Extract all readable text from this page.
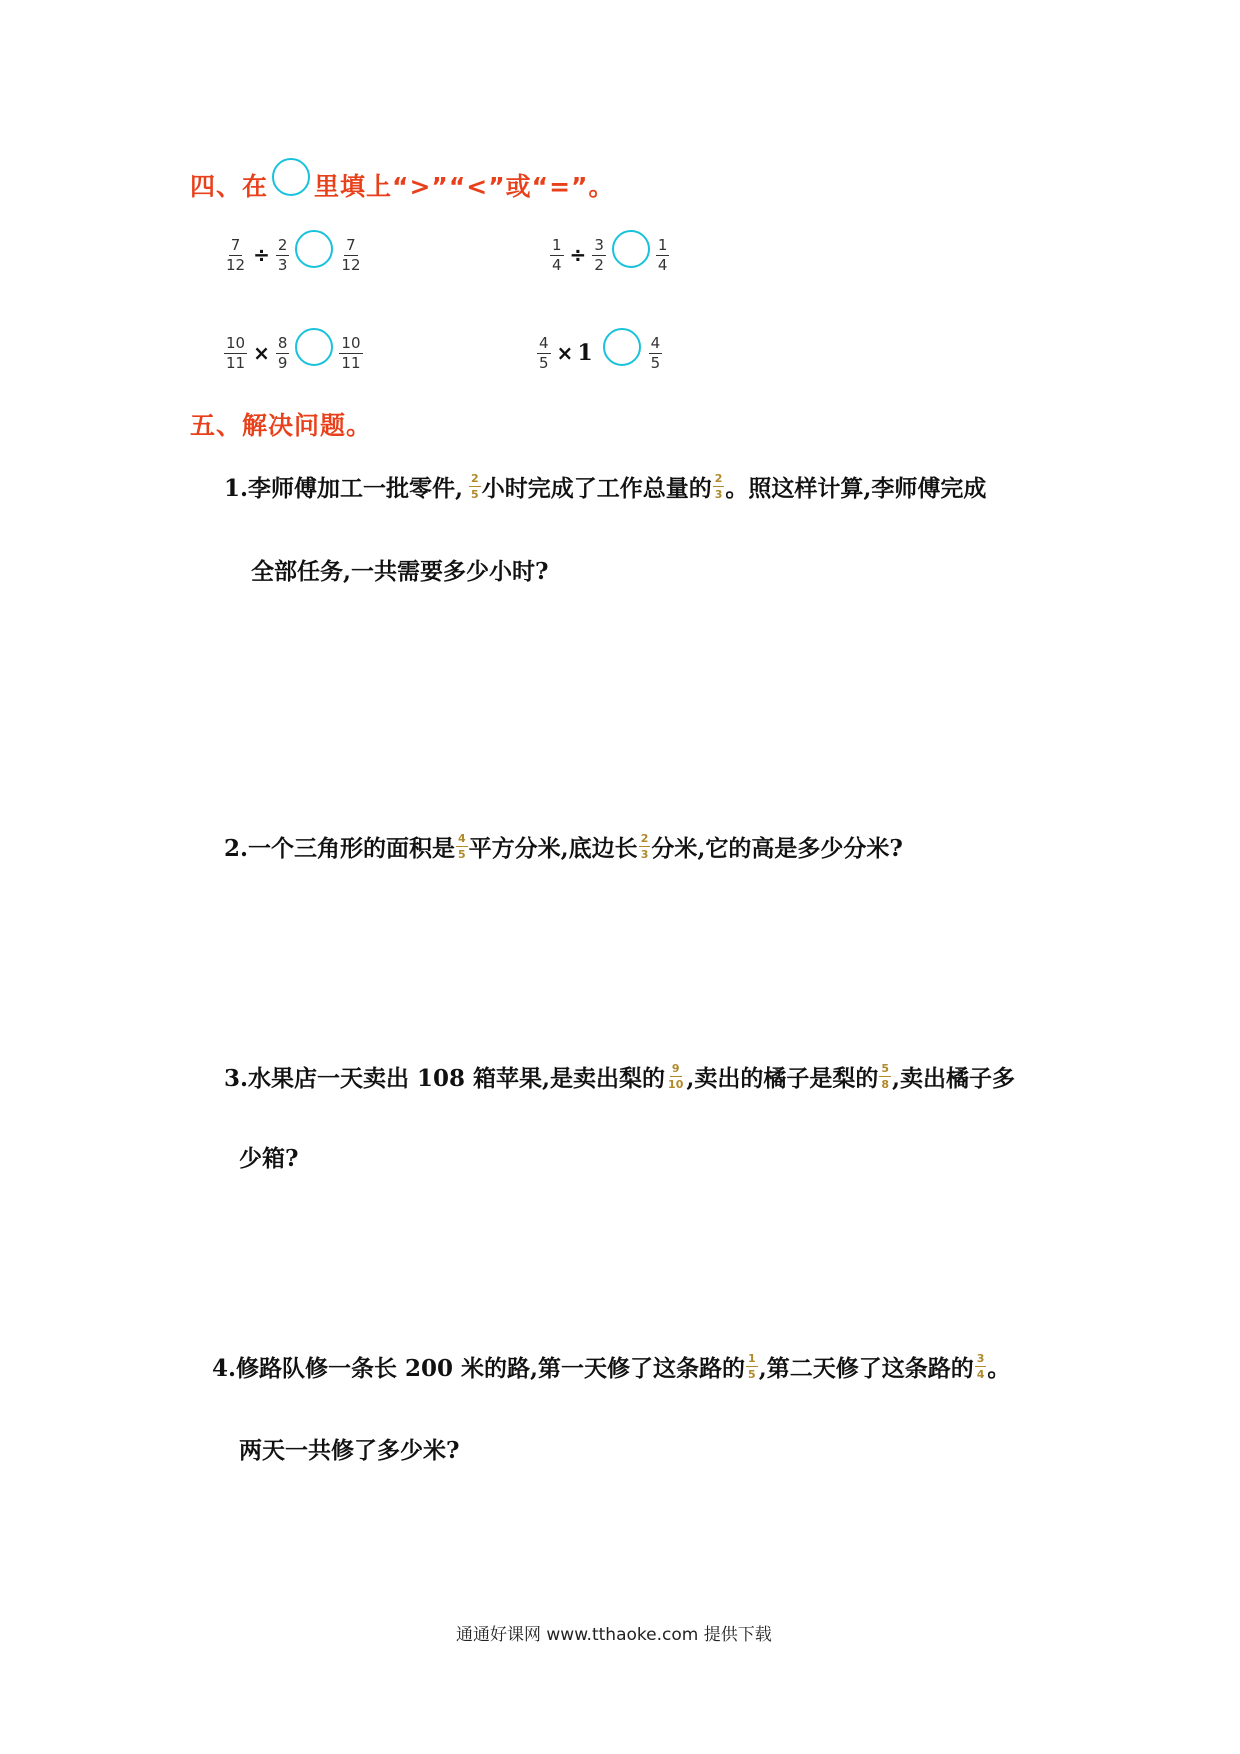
四、在 里填上“>”“<”或“=”。
$\frac{7}{12} \div \frac{2}{3}$	$\frac{7}{12}$	$\frac{1}{4} \div \frac{3}{2}$	$\frac{1}{4}$
$\frac{10}{11} \times \frac{8}{9}$	$\frac{10}{11}$	$\frac{4}{5} \times 1$	$\frac{4}{5}$
五、解决问题。
1.李师傅加工一批零件, $\frac{2}{5}$ 小时完成了工作总量的 $\frac{2}{3}$ 。照这样计算,李师傅完成
全部任务,一共需要多少小时?
2.一个三角形的面积是 $\frac{4}{5}$ 平方分米,底边长 $\frac{2}{3}$ 分米,它的高是多少分米?
3.水果店一天卖出 108 箱苹果,是卖出梨的 $\frac{9}{10}$ ,卖出的橘子是梨的 $\frac{5}{8}$ ,卖出橘子多
少箱?
4.修路队修一条长 200 米的路,第一天修了这条路的 $\frac{1}{5}$ ,第二天修了这条路的 $\frac{3}{4}$ 。
两天一共修了多少米?
通通好课网 www.tthaoke.com 提供下载
